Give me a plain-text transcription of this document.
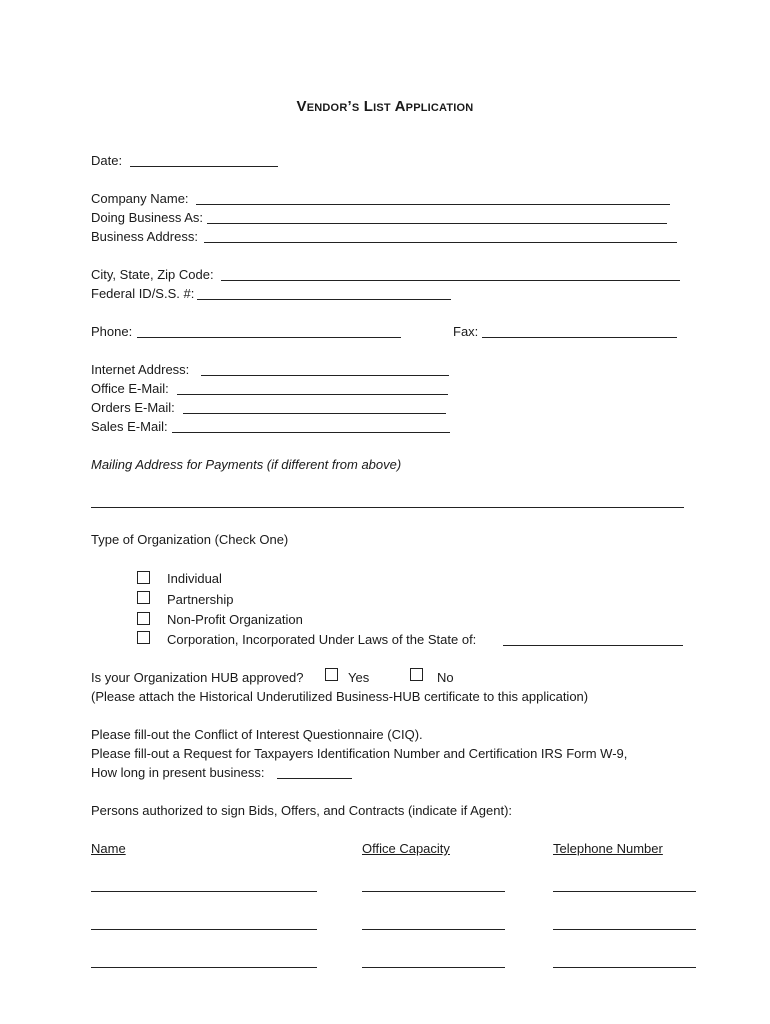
Vendor’s List Application
Date:
Company Name:
Doing Business As:
Business Address:
City, State, Zip Code:
Federal ID/S.S. #:
Phone:	Fax:
Internet Address:
Office E-Mail:
Orders E-Mail:
Sales E-Mail:
Mailing Address for Payments (if different from above)
Type of Organization (Check One)
Individual
Partnership
Non-Profit Organization
Corporation, Incorporated Under Laws of the State of:
Is your Organization HUB approved?	Yes	No
(Please attach the Historical Underutilized Business-HUB certificate to this application)
Please fill-out the Conflict of Interest Questionnaire (CIQ).
Please fill-out a Request for Taxpayers Identification Number and Certification IRS Form W-9,
How long in present business:
Persons authorized to sign Bids, Offers, and Contracts (indicate if Agent):
Name	Office Capacity	Telephone Number
